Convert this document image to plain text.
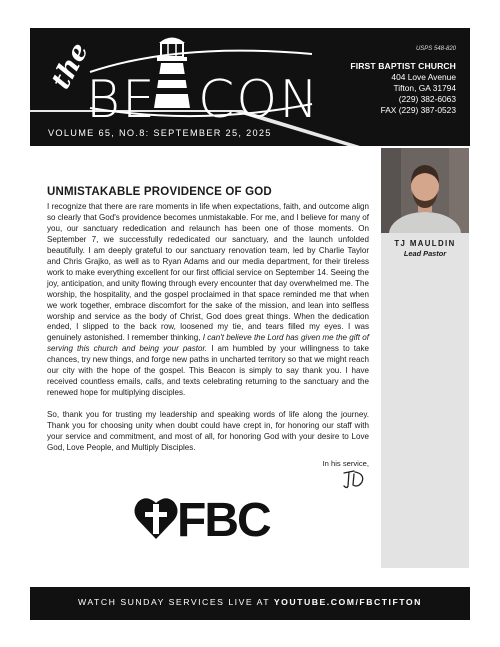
the
BE CON
USPS 548-820
FIRST BAPTIST CHURCH
404 Love Avenue
Tifton, GA 31794
(229) 382-6063
FAX (229) 387-0523
VOLUME 65, NO.8: SEPTEMBER 25, 2025
UNMISTAKABLE PROVIDENCE OF GOD

I recognize that there are rare moments in life when expectations, faith, and outcome align so clearly that God's providence becomes unmistakable. For me, and I believe for many of you, our sanctuary rededication and relaunch has been one of those moments. On September 7, we successfully rededicated our sanctuary, and the launch unfolded beautifully. I am deeply grateful to our sanctuary renovation team, led by Charlie Taylor and Chris Grajko, as well as to Ryan Adams and our media department, for their tireless work to make everything excellent for our first official service on September 14. Seeing the joy, anticipation, and unity flowing through every encounter that day overwhelmed me. The worship, the hospitality, and the gospel proclaimed in that space reminded me that when we work together, embrace discomfort for the sake of the mission, and lean into selfless worship and service as the body of Christ, God does great things. When the dedication ended, I slipped to the back row, loosened my tie, and tears filled my eyes. I was genuinely astonished. I remember thinking, I can't believe the Lord has given me the gift of serving this church and being your pastor. I am humbled by your willingness to take chances, try new things, and forge new paths in uncharted territory so that we might reach our city with the hope of the gospel. This Beacon is simply to say thank you. I have received countless emails, calls, and texts celebrating returning to the sanctuary and the renewed hope for multiplying disciples.

So, thank you for trusting my leadership and speaking words of life along the journey. Thank you for choosing unity when doubt could have crept in, for honoring our staff with your service and commitment, and most of all, for honoring God with your desire to Love God, Love People, and Multiply Disciples.

In his service,
TJ MAULDIN
Lead Pastor
FBC
WATCH SUNDAY SERVICES LIVE AT YOUTUBE.COM/FBCTIFTON
